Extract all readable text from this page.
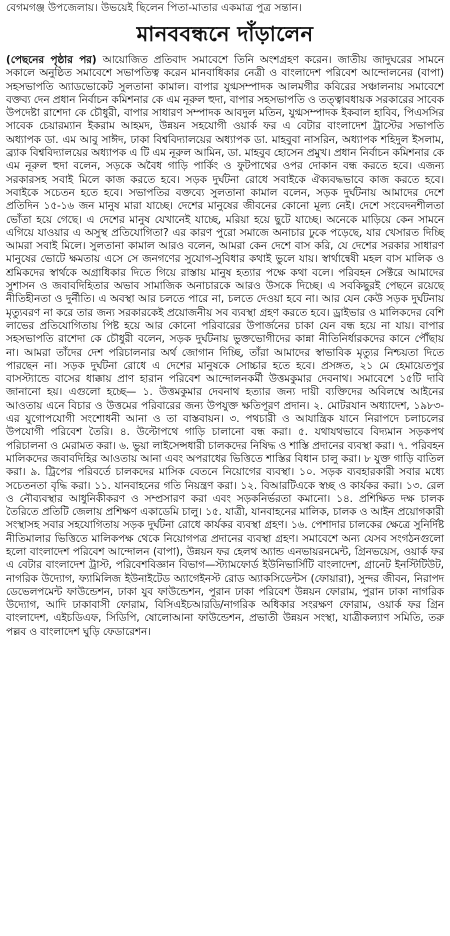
বেগমগঞ্জ উপজেলায়। উভয়েই ছিলেন পিতা-মাতার একমাত্র পুত্র সন্তান।
মানববন্ধনে দাঁড়ালেন
(পেছনের পৃষ্ঠার পর) আয়োজিত প্রতিবাদ সমাবেশে তিনি অংশগ্রহণ করেন। জাতীয় জাদুঘরের সামনে সকালে অনুষ্ঠিত সমাবেশে সভাপতিত্ব করেন মানবাধিকার নেত্রী ও বাংলাদেশ পরিবেশ আন্দোলনের (বাপা) সহসভাপতি অ্যাডভোকেট সুলতানা কামাল। বাপার যুগ্মসম্পাদক আলমগীর কবিরের সঞ্চালনায় সমাবেশে বক্তব্য দেন প্রধান নির্বাচন কমিশনার কে এম নূরুল হুদা, বাপার সহসভাপতি ও তত্ত্বাবধায়ক সরকারের সাবেক উপদেষ্টা রাশেদা কে চৌধুরী, বাপার সাধারণ সম্পাদক আবদুল মতিন, যুগ্মসম্পাদক ইকবাল হাবিব, পিএসসির সাবেক চেয়ারম্যান ইকরাম আহমদ, উন্নয়ন সহযোগী ওয়ার্ক ফর এ বেটার বাংলাদেশ ট্রাস্টের সভাপতি অধ্যাপক ডা. এম আবু সাঈদ, ঢাকা বিশ্ববিদ্যালয়ের অধ্যাপক ডা. মাহবুবা নাসরিন, অধ্যাপক শহিদুল ইসলাম, ব্র্যাক বিশ্ববিদ্যালয়ের অধ্যাপক এ টি এম নূরুল আমিন, ডা. মাহবুব হোসেন প্রমুখ। প্রধান নির্বাচন কমিশনার কে এম নূরুল হুদা বলেন, সড়কে অবৈধ গাড়ি পার্কিং ও ফুটপাথের ওপর দোকান বন্ধ করতে হবে। এজন্য সরকারসহ সবাই মিলে কাজ করতে হবে। সড়ক দুর্ঘটনা রোধে সবাইকে ঐক্যবদ্ধভাবে কাজ করতে হবে। সবাইকে সচেতন হতে হবে। সভাপতির বক্তব্যে সুলতানা কামাল বলেন, সড়ক দুর্ঘটনায় আমাদের দেশে প্রতিদিন ১৫-১৬ জন মানুষ মারা যাচ্ছে। দেশের মানুষের জীবনের কোনো মূল্য নেই। দেশে সংবেদনশীলতা ভোঁতা হয়ে গেছে। এ দেশের মানুষ যেখানেই যাচ্ছে, মরিয়া হয়ে ছুটে যাচ্ছে। অনেকে মাড়িয়ে কেন সামনে এগিয়ে যাওয়ার এ অসুস্থ প্রতিযোগিতা? এর কারণ পুরো সমাজে অনাচার ঢুকে পড়েছে, যার খেসারত দিচ্ছি আমরা সবাই মিলে। সুলতানা কামাল আরও বলেন, আমরা কেন দেশে বাস করি, যে দেশের সরকার সাধারণ মানুষের ভোটে ক্ষমতায় এসে সে জনগণের সুযোগ-সুবিধার কথাই ভুলে যায়। স্বার্থান্বেষী মহল বাস মালিক ও শ্রমিকদের স্বার্থকে অগ্রাধিকার দিতে গিয়ে রাস্তায় মানুষ হত্যার পক্ষে কথা বলে। পরিবহন সেক্টরে আমাদের সুশাসন ও জবাবদিহিতার অভাব সামাজিক অনাচারকে আরও উসকে দিচ্ছে। এ সবকিছুরই পেছনে রয়েছে নীতিহীনতা ও দুর্নীতি। এ অবস্থা আর চলতে পারে না, চলতে দেওয়া হবে না। আর যেন কেউ সড়ক দুর্ঘটনায় মৃত্যুবরণ না করে তার জন্য সরকারকেই প্রয়োজনীয় সব ব্যবস্থা গ্রহণ করতে হবে। ড্রাইভার ও মালিকদের বেশি লাভের প্রতিযোগিতায় পিষ্ট হয়ে আর কোনো পরিবারের উপার্জনের চাকা যেন বন্ধ হয়ে না যায়। বাপার সহসভাপতি রাশেদা কে চৌধুরী বলেন, সড়ক দুর্ঘটনায় ভুক্তভোগীদের কান্না নীতিনির্ধারকদের কানে পৌঁছায় না। আমরা তাঁদের দেশ পরিচালনার অর্থ জোগান দিচ্ছি, তাঁরা আমাদের স্বাভাবিক মৃত্যুর নিশ্চয়তা দিতে পারছেন না। সড়ক দুর্ঘটনা রোধে এ দেশের মানুষকে সোচ্চার হতে হবে। প্রসঙ্গত, ২১ মে হেমায়েতপুর বাসস্ট্যান্ডে বাসের ধাক্কায় প্রাণ হারান পরিবেশ আন্দোলনকর্মী উত্তমকুমার দেবনাথ। সমাবেশে ১৫টি দাবি জানানো হয়। এগুলো হচ্ছে— ১. উত্তমকুমার দেবনাথ হত্যার জন্য দায়ী ব্যক্তিদের অবিলম্বে আইনের আওতায় এনে বিচার ও উত্তমের পরিবারের জন্য উপযুক্ত ক্ষতিপূরণ প্রদান। ২. মোটরযান অধ্যাদেশ, ১৯৮৩-এর যুগোপযোগী সংশোধনী আনা ও তা বাস্তবায়ন। ৩. পথচারী ও আযান্ত্রিক যানে নিরাপদে চলাচলের উপযোগী পরিবেশ তৈরি। ৪. উল্টোপথে গাড়ি চালানো বন্ধ করা। ৫. যথাযথভাবে বিদ্যমান সড়কপথ পরিচালনা ও মেরামত করা। ৬. ভুয়া লাইসেন্সধারী চালকদের নিষিদ্ধ ও শাস্তি প্রদানের ব্যবস্থা করা। ৭. পরিবহন মালিকদের জবাবদিহির আওতায় আনা এবং অপরাধের ভিত্তিতে শাস্তির বিধান চালু করা। ৮ যুক্ত গাড়ি বাতিল করা। ৯. ট্রিপের পরিবর্তে চালকদের মাসিক বেতনে নিয়োগের ব্যবস্থা। ১০. সড়ক ব্যবহারকারী সবার মধ্যে সচেতনতা বৃদ্ধি করা। ১১. যানবাহনের গতি নিয়ন্ত্রণ করা। ১২. বিআরটিএকে স্বচ্ছ ও কার্যকর করা। ১৩. রেল ও নৌব্যবস্থার আধুনিকীকরণ ও সম্প্রসারণ করা এবং সড়কনির্ভরতা কমানো। ১৪. প্রশিক্ষিত দক্ষ চালক তৈরিতে প্রতিটি জেলায় প্রশিক্ষণ একাডেমি চালু। ১৫. যাত্রী, যানবাহনের মালিক, চালক ও আইন প্রয়োগকারী সংস্থাসহ সবার সহযোগিতায় সড়ক দুর্ঘটনা রোধে কার্যকর ব্যবস্থা গ্রহণ। ১৬. পেশাদার চালকের ক্ষেত্রে সুনির্দিষ্ট নীতিমালার ভিত্তিতে মালিকপক্ষ থেকে নিয়োগপত্র প্রদানের ব্যবস্থা গ্রহণ। সমাবেশে অন্য যেসব সংগঠনগুলো হলো বাংলাদেশ পরিবেশ আন্দোলন (বাপা), উন্নয়ন ফর হেলথ অ্যান্ড এনভায়রনমেন্ট, গ্রিনভয়েস, ওয়ার্ক ফর এ বেটার বাংলাদেশ ট্রাস্ট, পরিবেশবিজ্ঞান বিভাগ—স্ট্যামফোর্ড ইউনিভার্সিটি বাংলাদেশ, গ্রানেট ইনস্টিটিউট, নাগরিক উদ্যোগ, ফ্যামিলিজ ইউনাইটেড অ্যাগেইনস্ট রোড অ্যাকসিডেন্টস (ফোয়ারা), সুন্দর জীবন, নিরাপদ ডেভেলপমেন্ট ফাউন্ডেশন, ঢাকা যুব ফাউন্ডেশন, পুরান ঢাকা পরিবেশ উন্নয়ন ফোরাম, পুরান ঢাকা নাগরিক উদ্যোগ, আদি ঢাকাবাসী ফোরাম, বিসিএইচআরডি/নাগরিক অধিকার সংরক্ষণ ফোরাম, ওয়ার্ক ফর গ্রিন বাংলাদেশ, এইচডিএফ, সিডিপি, ষোলোআনা ফাউন্ডেশন, প্রভাতী উন্নয়ন সংস্থা, যাত্রীকল্যাণ সমিতি, তরু পল্লব ও বাংলাদেশ ঘুড়ি ফেডারেশন।
